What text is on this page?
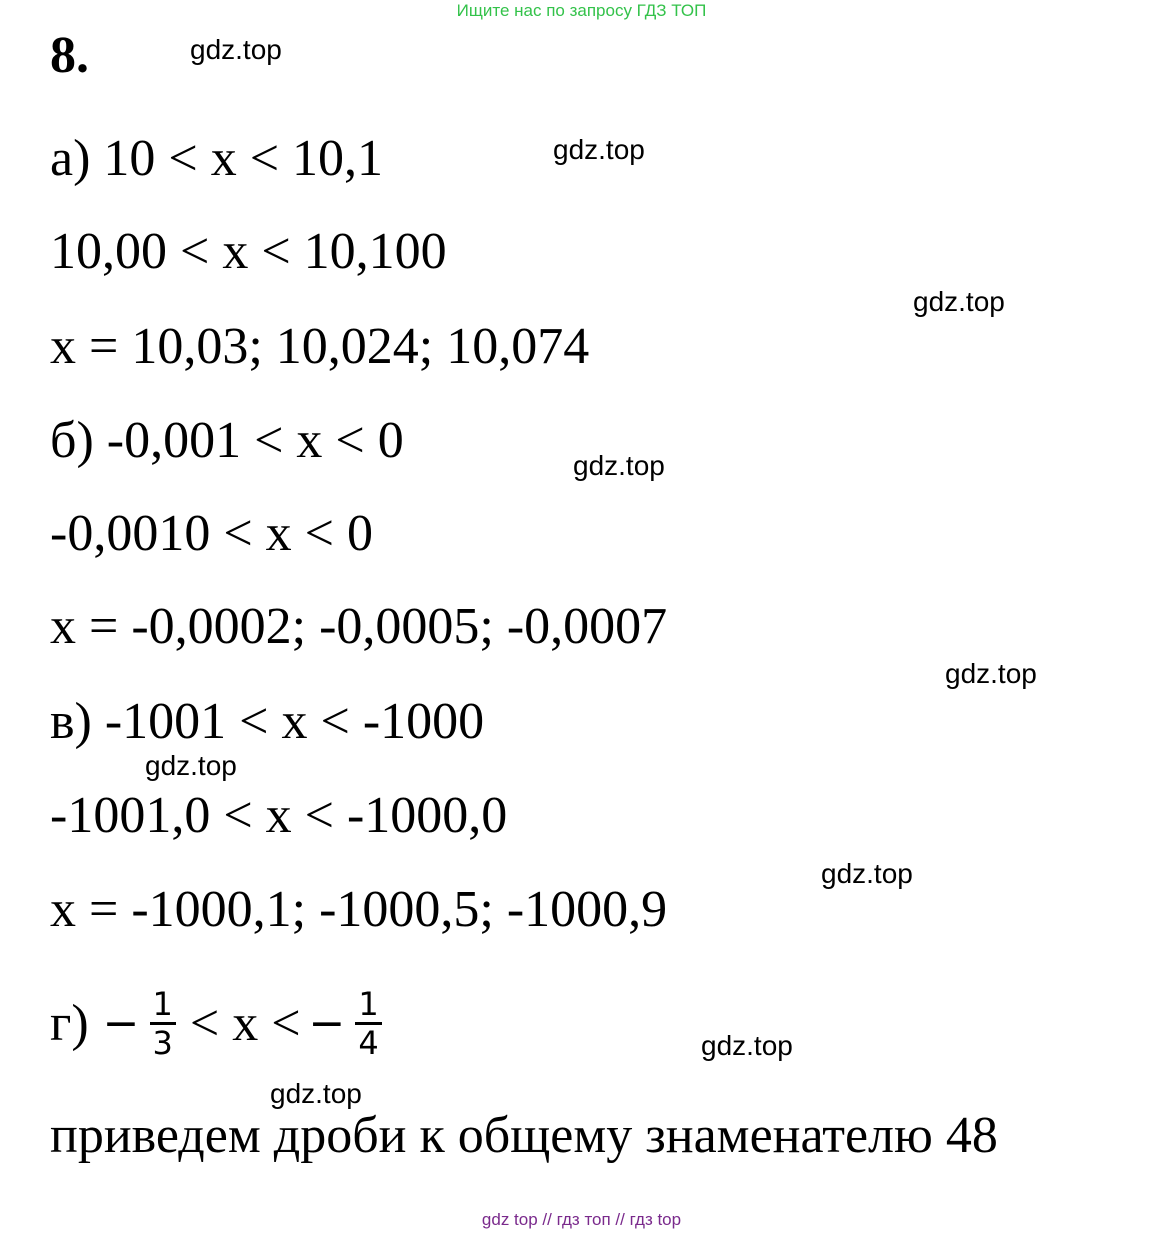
Ищите нас по запросу ГДЗ ТОП
8.
а) 10 < x < 10,1
10,00 < x < 10,100
x = 10,03; 10,024; 10,074
б) -0,001 < x < 0
-0,0010 < x < 0
x = -0,0002; -0,0005; -0,0007
в) -1001 < x < -1000
-1001,0 < x < -1000,0
x = -1000,1; -1000,5; -1000,9
$г) - \frac{1}{3} < x$ < − $\frac{1}{4}$
приведем дроби к общему знаменателю 48
gdz.top
gdz.top
gdz.top
gdz.top
gdz.top
gdz.top
gdz.top
gdz.top
gdz.top
gdz top // гдз топ // гдз top
